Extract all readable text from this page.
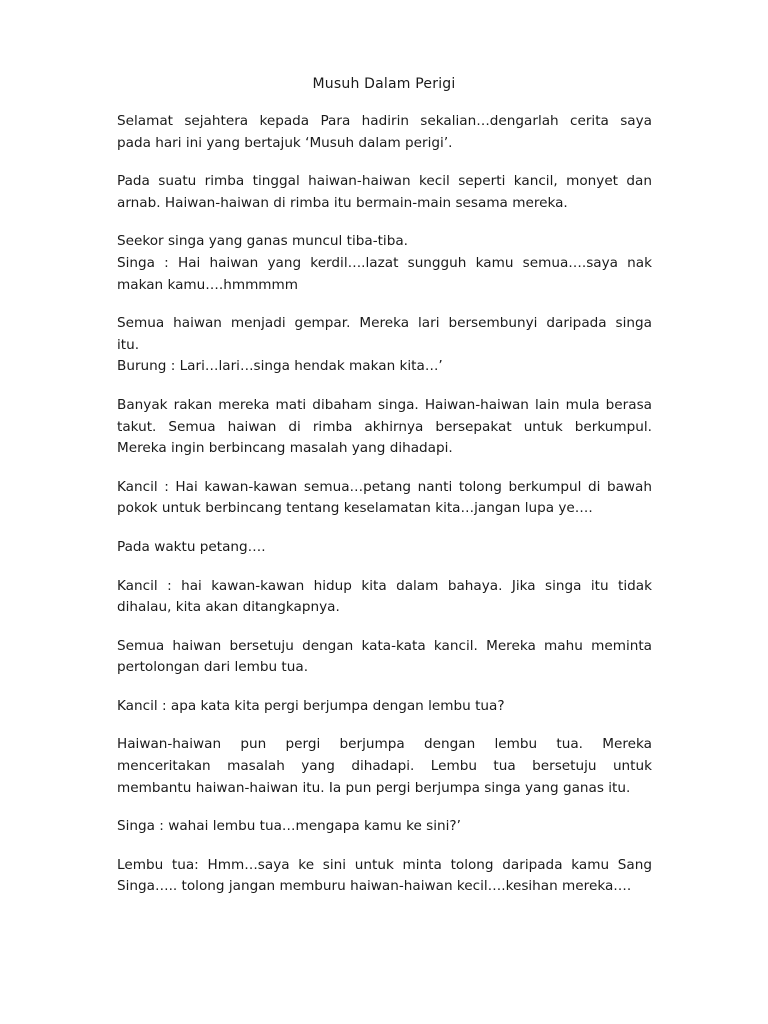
Musuh Dalam Perigi

Selamat sejahtera kepada Para hadirin sekalian…dengarlah cerita saya
pada hari ini yang bertajuk ‘Musuh dalam perigi’.

Pada suatu rimba tinggal haiwan-haiwan kecil seperti kancil, monyet dan
arnab. Haiwan-haiwan di rimba itu bermain-main sesama mereka.

Seekor singa yang ganas muncul tiba-tiba.
Singa : Hai haiwan yang kerdil….lazat sungguh kamu semua….saya nak
makan kamu….hmmmmm

Semua haiwan menjadi gempar. Mereka lari bersembunyi daripada singa
itu.
Burung : Lari…lari…singa hendak makan kita…’

Banyak rakan mereka mati dibaham singa. Haiwan-haiwan lain mula berasa
takut. Semua haiwan di rimba akhirnya bersepakat untuk berkumpul.
Mereka ingin berbincang masalah yang dihadapi.

Kancil : Hai kawan-kawan semua…petang nanti tolong berkumpul di bawah
pokok untuk berbincang tentang keselamatan kita…jangan lupa ye….

Pada waktu petang….

Kancil : hai kawan-kawan hidup kita dalam bahaya. Jika singa itu tidak
dihalau, kita akan ditangkapnya.

Semua haiwan bersetuju dengan kata-kata kancil. Mereka mahu meminta
pertolongan dari lembu tua.

Kancil : apa kata kita pergi berjumpa dengan lembu tua?

Haiwan-haiwan pun pergi berjumpa dengan lembu tua. Mereka
menceritakan masalah yang dihadapi. Lembu tua bersetuju untuk
membantu haiwan-haiwan itu. Ia pun pergi berjumpa singa yang ganas itu.

Singa : wahai lembu tua…mengapa kamu ke sini?’

Lembu tua: Hmm…saya ke sini untuk minta tolong daripada kamu Sang
Singa….. tolong jangan memburu haiwan-haiwan kecil….kesihan mereka….
